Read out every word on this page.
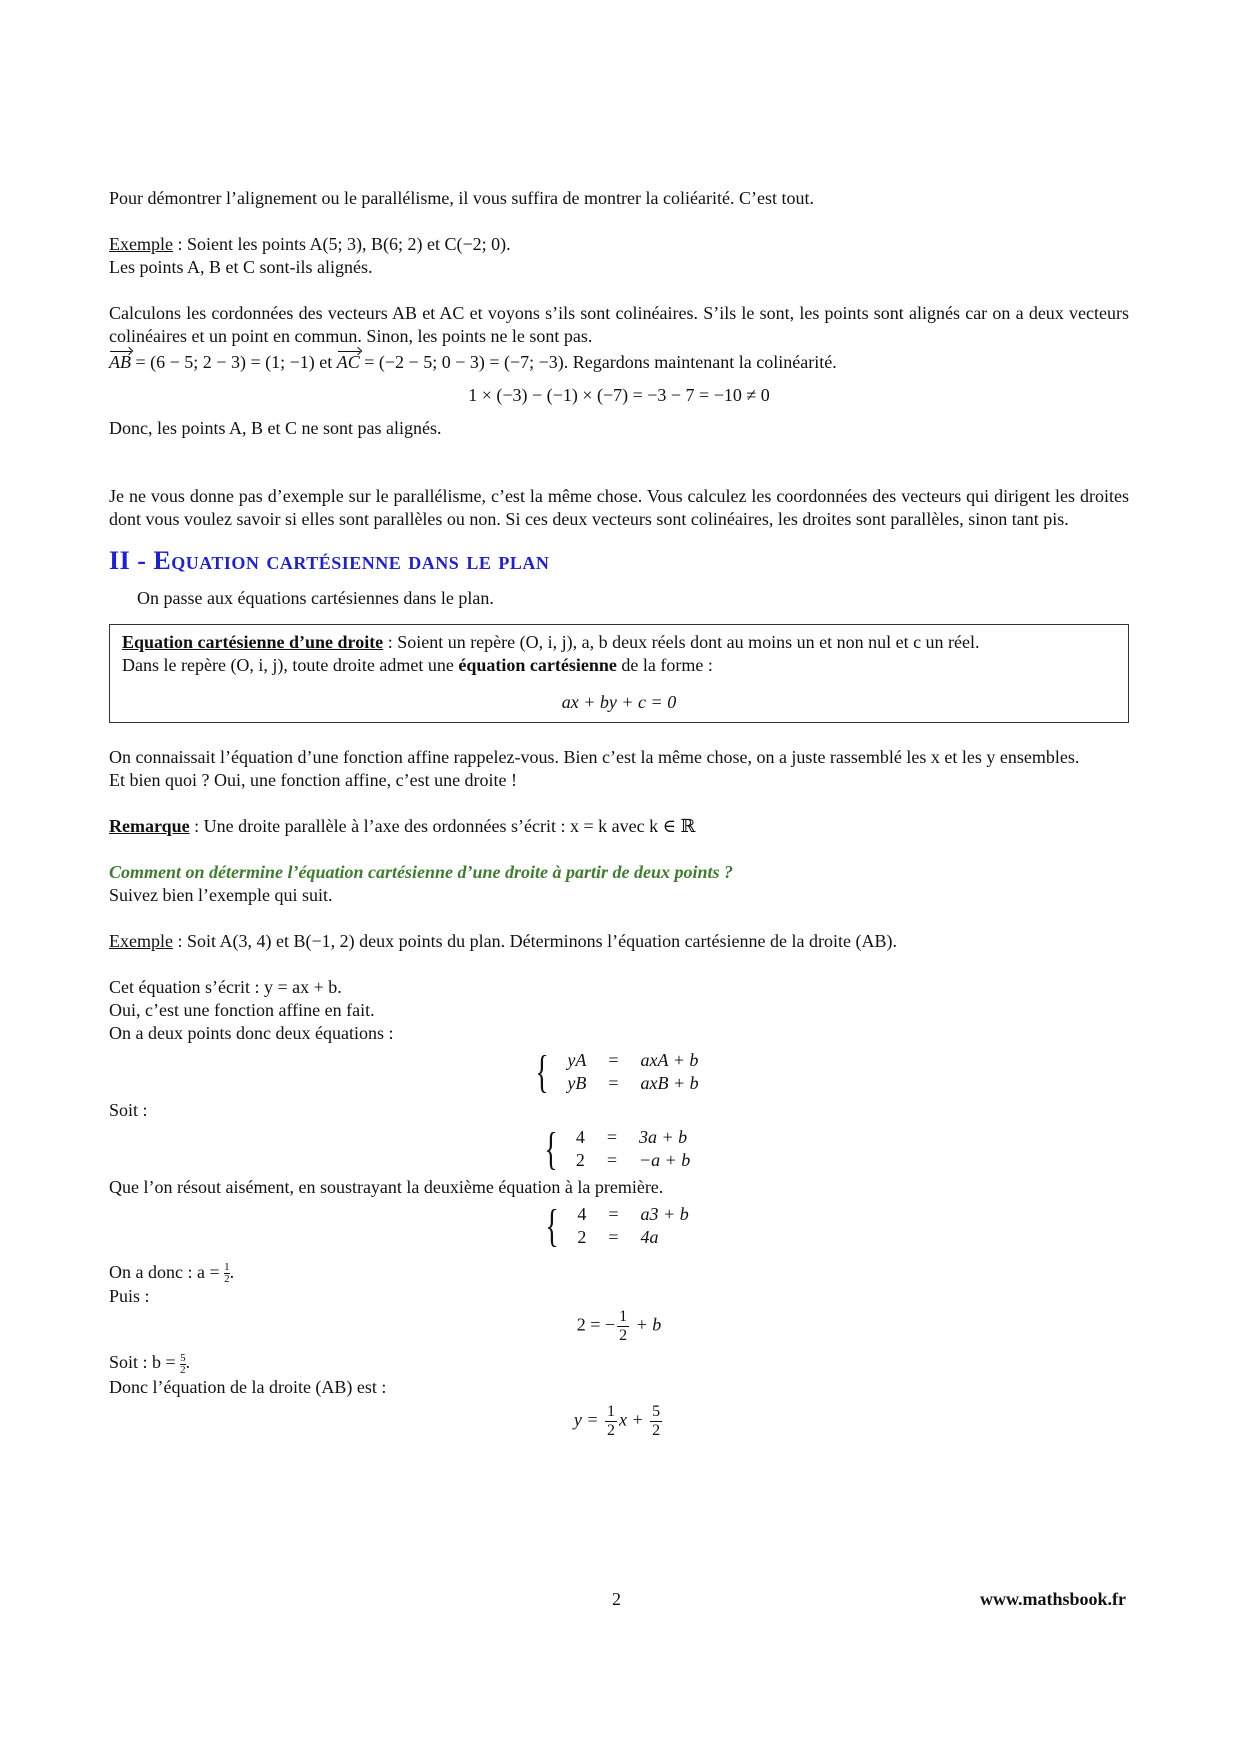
Pour démontrer l’alignement ou le parallélisme, il vous suffira de montrer la coliéarité. C’est tout.

Exemple : Soient les points A(5; 3), B(6; 2) et C(−2; 0).

Les points A, B et C sont-ils alignés.

Calculons les cordonnées des vecteurs AB et AC et voyons s’ils sont colinéaires. S’ils le sont, les points sont alignés car on a deux vecteurs colinéaires et un point en commun. Sinon, les points ne le sont pas.

AB = (6 − 5; 2 − 3) = (1; −1) et AC = (−2 − 5; 0 − 3) = (−7; −3). Regardons maintenant la colinéarité.

1 × (−3) − (−1) × (−7) = −3 − 7 = −10 ≠ 0

Donc, les points A, B et C ne sont pas alignés.

Je ne vous donne pas d’exemple sur le parallélisme, c’est la même chose. Vous calculez les coordonnées des vecteurs qui dirigent les droites dont vous voulez savoir si elles sont parallèles ou non. Si ces deux vecteurs sont colinéaires, les droites sont parallèles, sinon tant pis.

II - Equation cartésienne dans le plan

On passe aux équations cartésiennes dans le plan.

Equation cartésienne d’une droite : Soient un repère (O, i, j), a, b deux réels dont au moins un et non nul et c un réel.

Dans le repère (O, i, j), toute droite admet une équation cartésienne de la forme :

ax + by + c = 0

On connaissait l’équation d’une fonction affine rappelez-vous. Bien c’est la même chose, on a juste rassemblé les x et les y ensembles.

Et bien quoi ? Oui, une fonction affine, c’est une droite !

Remarque : Une droite parallèle à l’axe des ordonnées s’écrit : x = k avec k ∈ ℝ

Comment on détermine l’équation cartésienne d’une droite à partir de deux points ?

Suivez bien l’exemple qui suit.

Exemple : Soit A(3, 4) et B(−1, 2) deux points du plan. Déterminons l’équation cartésienne de la droite (AB).

Cet équation s’écrit : y = ax + b.

Oui, c’est une fonction affine en fait.

On a deux points donc deux équations :

{ yA	=	axA + b
yB	=	axB + b

Soit :

{ 4	=	3a + b
2	=	−a + b

Que l’on résout aisément, en soustrayant la deuxième équation à la première.

{ 4	=	a3 + b
2	=	4a

On a donc : $a = \frac{1}{2}$ .

Puis :

2 = − $\frac{1}{2} + b$

Soit : $b = \frac{5}{2}$ .

Donc l’équation de la droite (AB) est :

$y = \frac{1}{2}$ $x + \frac{5}{2}$

2	www.mathsbook.fr
